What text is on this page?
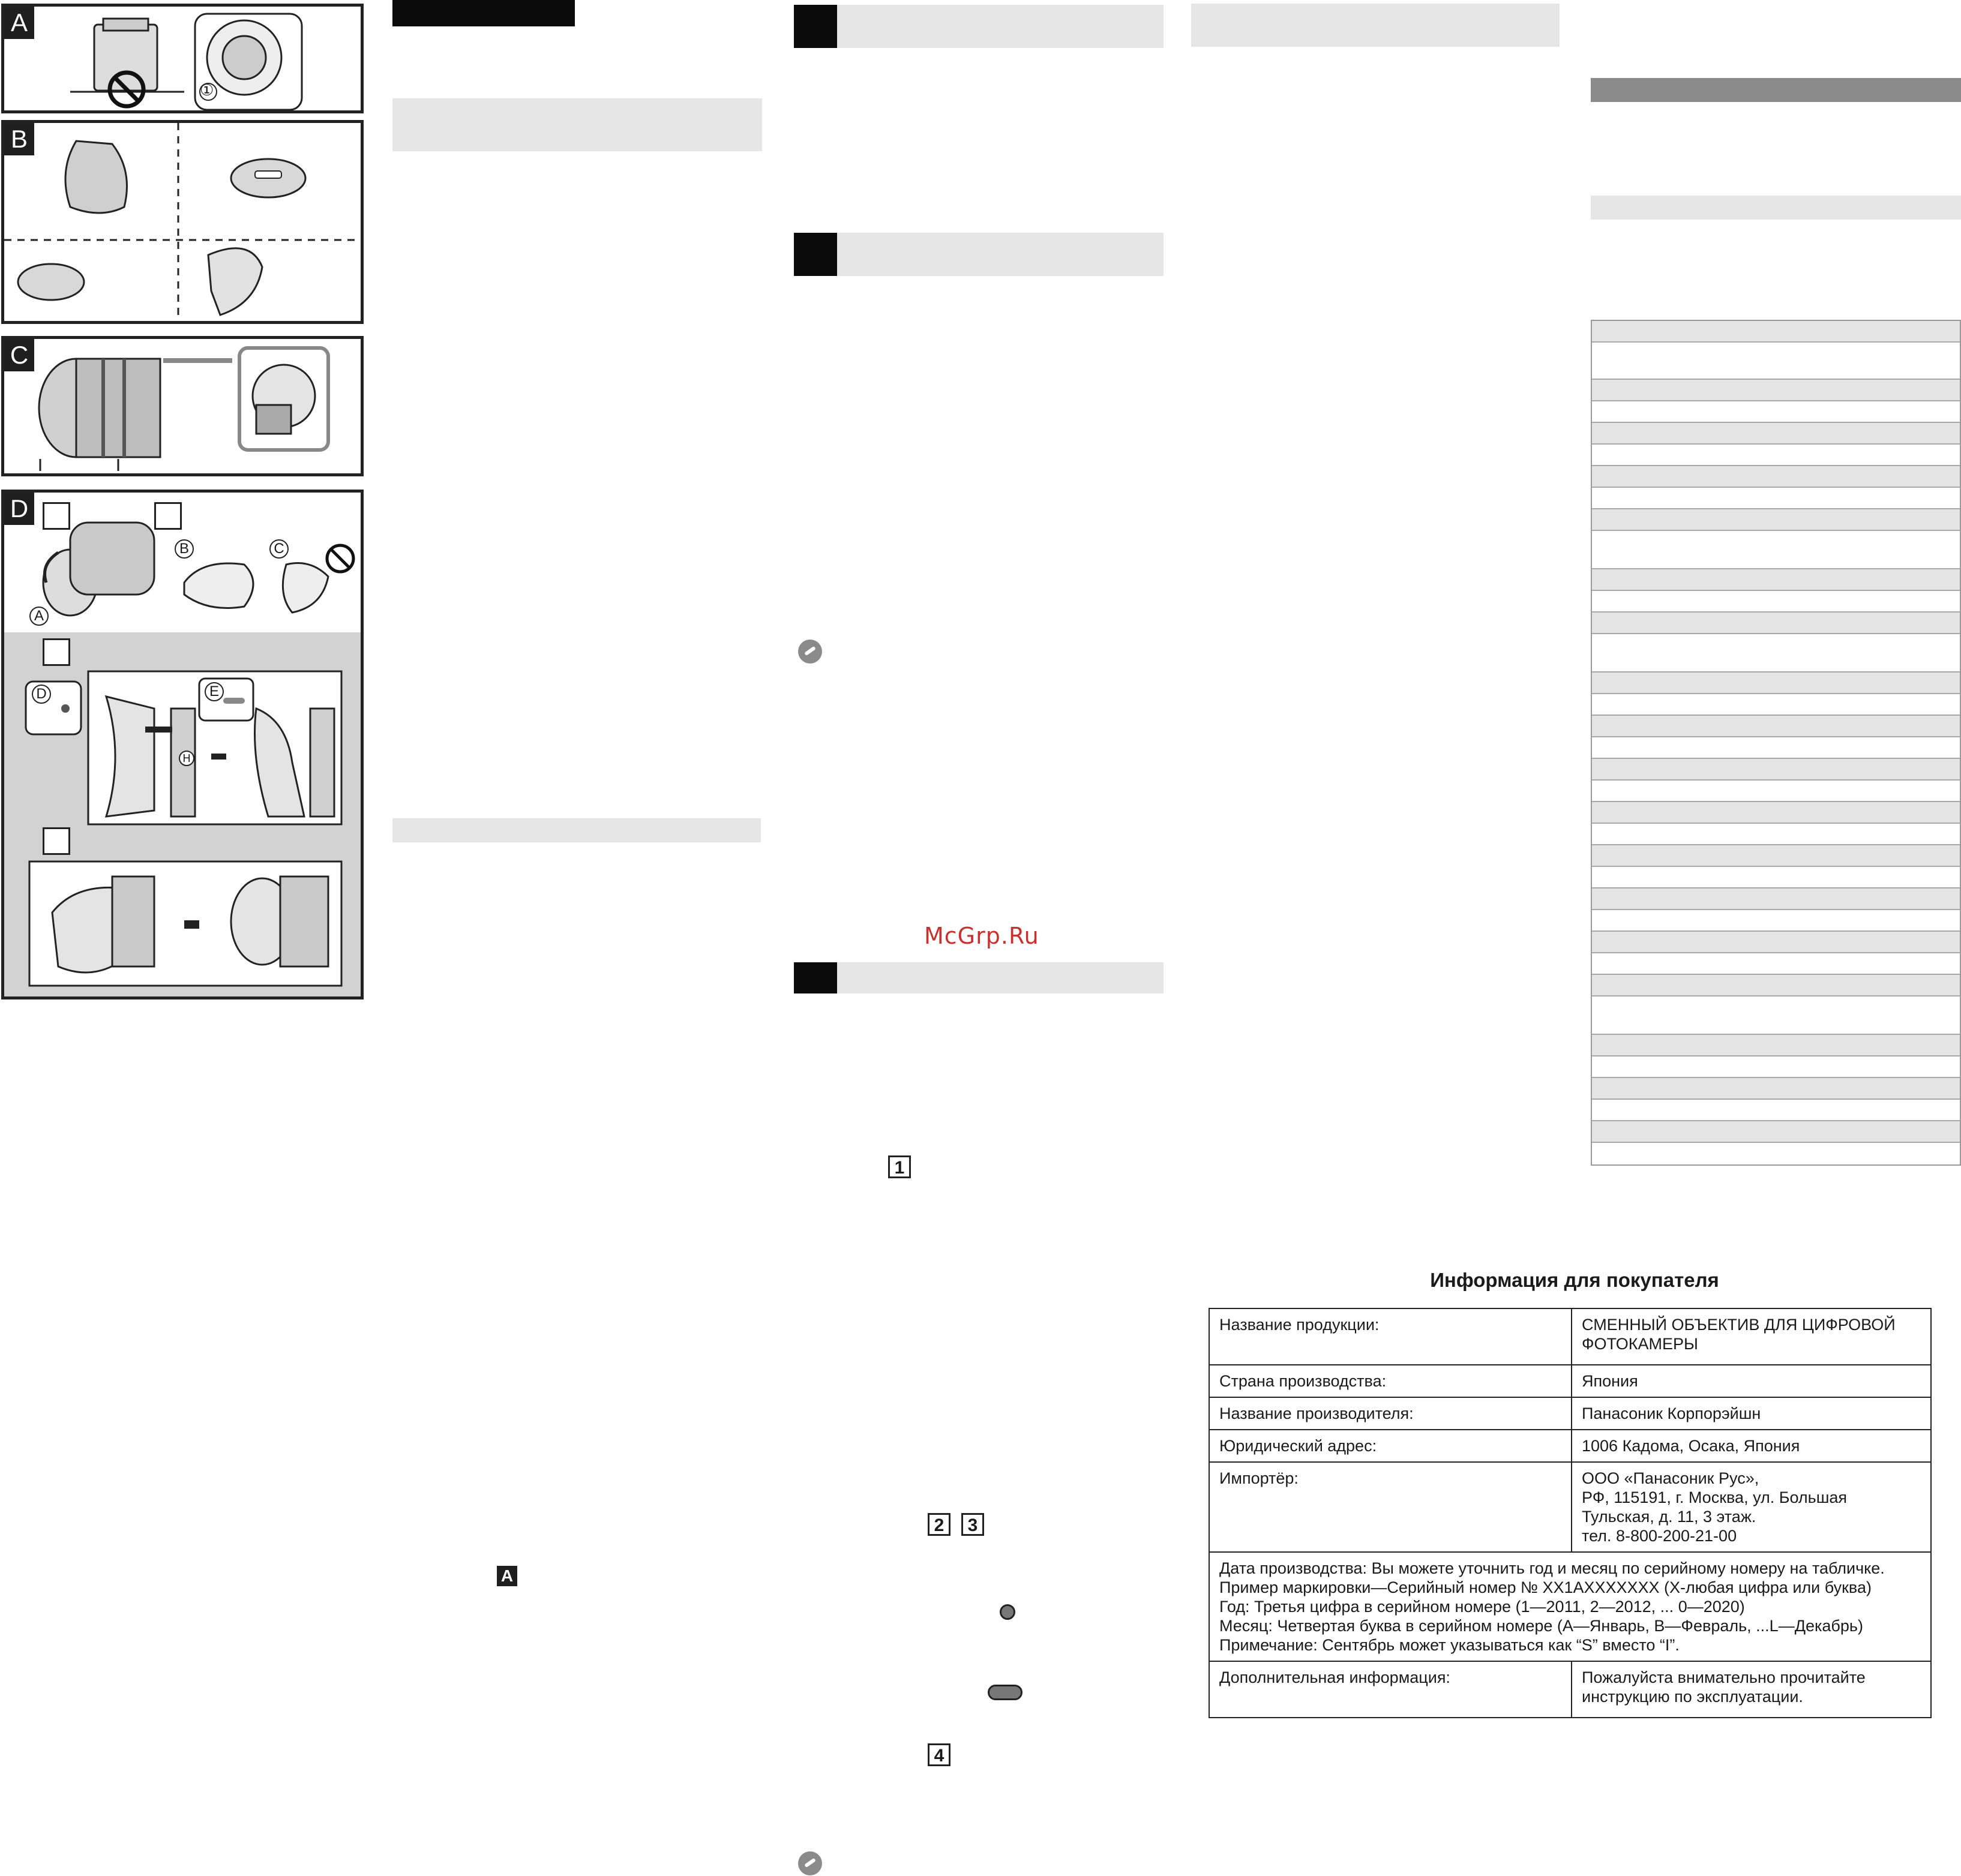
A
①
B
C
D
A
B	C
D	E
H
A
McGrp.Ru
1
2	3
4
Информация для покупателя
Название продукции:	СМЕННЫЙ ОБЪЕКТИВ ДЛЯ ЦИФРОВОЙ ФОТОКАМЕРЫ
Страна производства:	Япония
Название производителя:	Панасоник Корпорэйшн
Юридический адрес:	1006 Кадома, Осака, Япония
Импортёр:	ООО «Панасоник Рус»,
РФ, 115191, г. Москва, ул. Большая
Тульская, д. 11, 3 этаж.
тел. 8-800-200-21-00

Дата производства: Вы можете уточнить год и месяц по серийному номеру на табличке.
Пример маркировки—Серийный номер № XX1AXXXXXXX (X-любая цифра или буква)
Год: Третья цифра в серийном номере (1—2011, 2—2012, ... 0—2020)
Месяц: Четвертая буква в серийном номере (A—Январь, B—Февраль, ...L—Декабрь)
Примечание: Сентябрь может указываться как “S” вместо “I”.	

Дополнительная информация:	Пожалуйста внимательно прочитайте инструкцию по эксплуатации.
